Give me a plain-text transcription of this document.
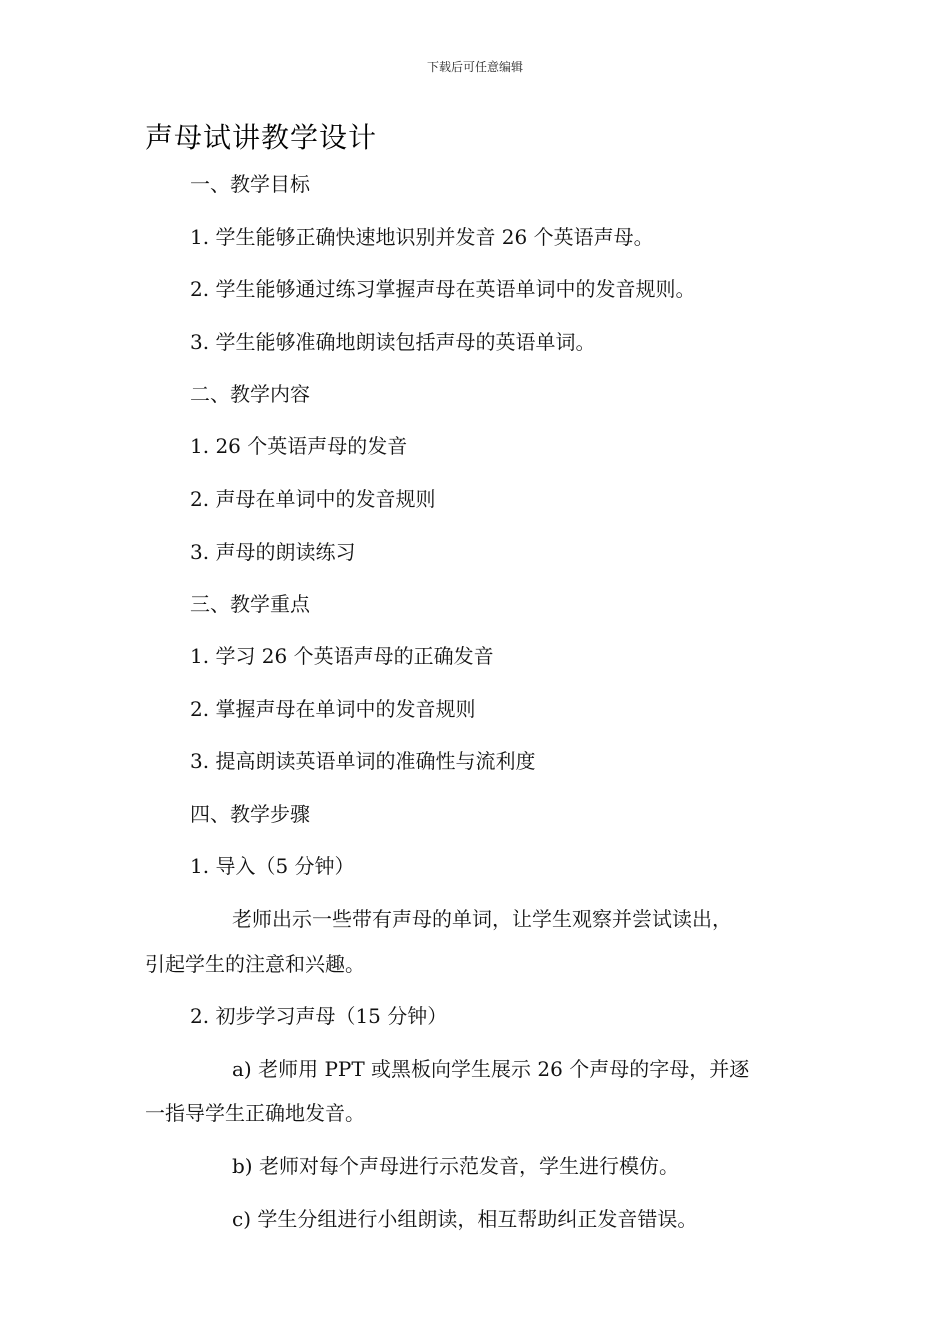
下载后可任意编辑
声母试讲教学设计
一、教学目标
1. 学生能够正确快速地识别并发音 26 个英语声母。
2. 学生能够通过练习掌握声母在英语单词中的发音规则。
3. 学生能够准确地朗读包括声母的英语单词。
二、教学内容
1. 26 个英语声母的发音
2. 声母在单词中的发音规则
3. 声母的朗读练习
三、教学重点
1. 学习 26 个英语声母的正确发音
2. 掌握声母在单词中的发音规则
3. 提高朗读英语单词的准确性与流利度
四、教学步骤
1. 导入（5 分钟）
老师出示一些带有声母的单词，让学生观察并尝试读出，
引起学生的注意和兴趣。
2. 初步学习声母（15 分钟）
a) 老师用 PPT 或黑板向学生展示 26 个声母的字母，并逐
一指导学生正确地发音。
b) 老师对每个声母进行示范发音，学生进行模仿。
c) 学生分组进行小组朗读，相互帮助纠正发音错误。
